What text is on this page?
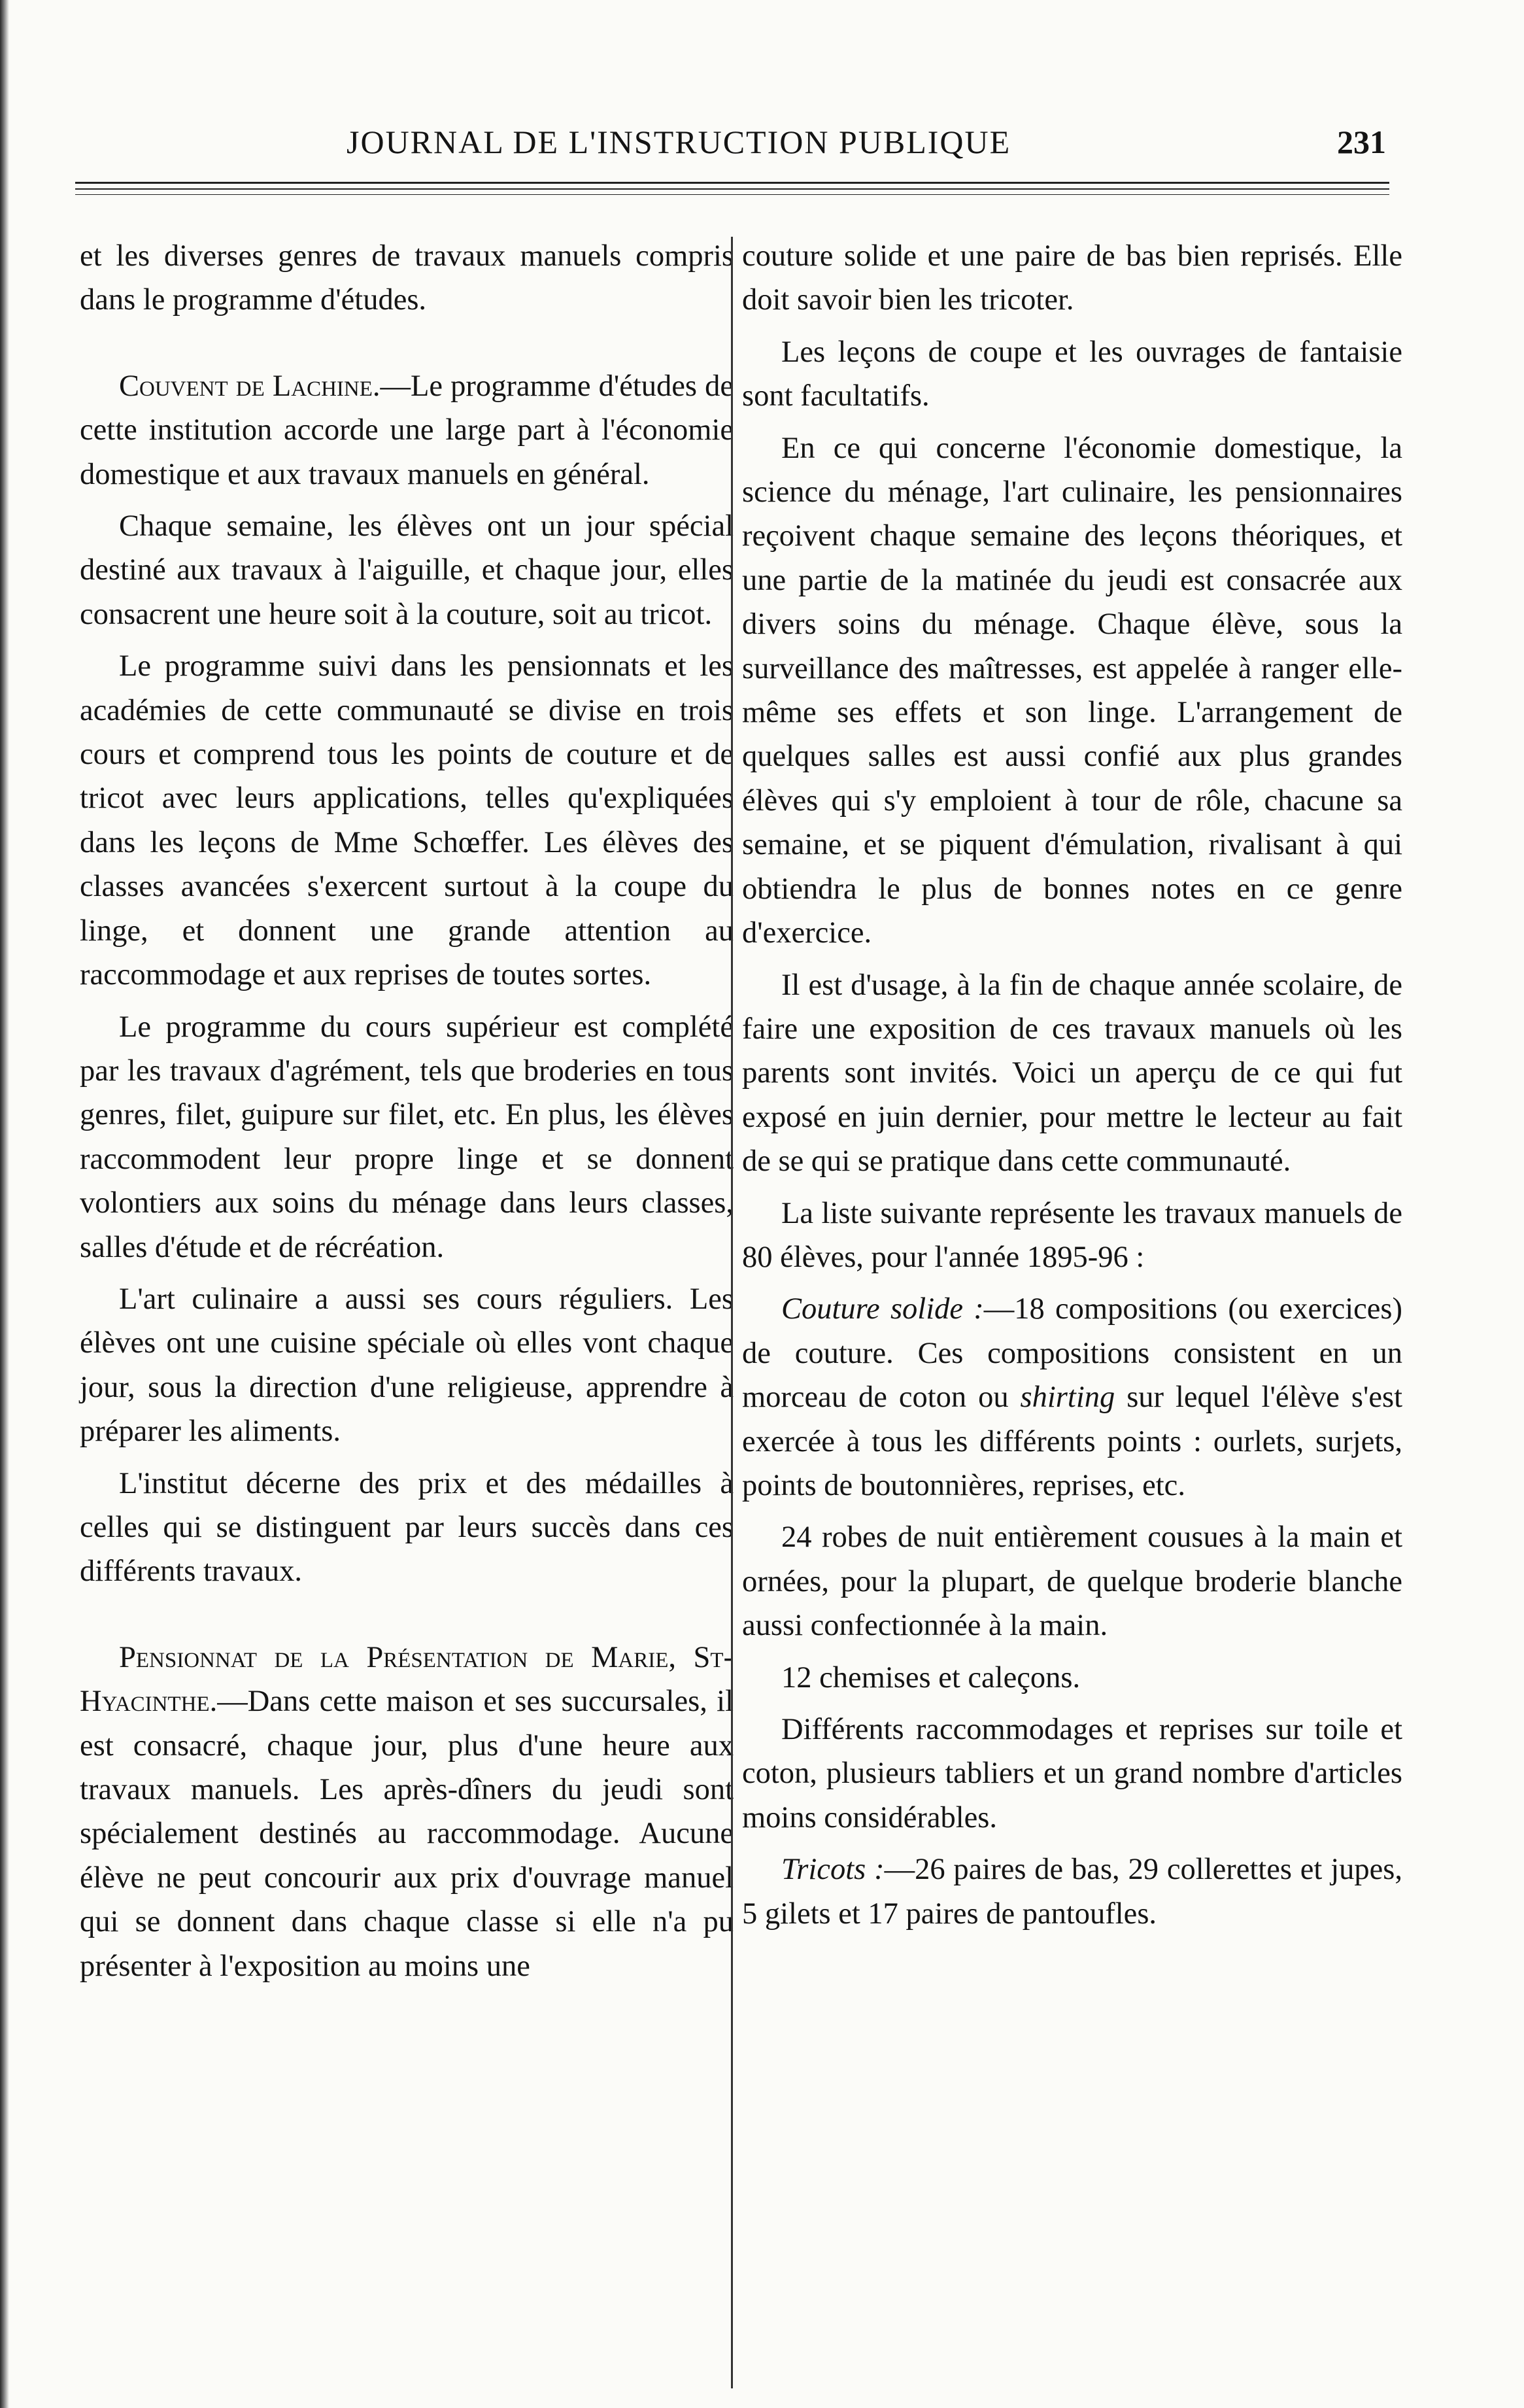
JOURNAL DE L'INSTRUCTION PUBLIQUE	231

et les diverses genres de travaux manuels compris dans le programme d'études.

Couvent de Lachine.—Le programme d'études de cette institution accorde une large part à l'économie domestique et aux travaux manuels en général.

Chaque semaine, les élèves ont un jour spécial destiné aux travaux à l'aiguille, et chaque jour, elles consacrent une heure soit à la couture, soit au tricot.

Le programme suivi dans les pensionnats et les académies de cette communauté se divise en trois cours et comprend tous les points de couture et de tricot avec leurs applications, telles qu'expliquées dans les leçons de Mme Schœffer. Les élèves des classes avancées s'exercent surtout à la coupe du linge, et donnent une grande attention au raccommodage et aux reprises de toutes sortes.

Le programme du cours supérieur est complété par les travaux d'agrément, tels que broderies en tous genres, filet, guipure sur filet, etc. En plus, les élèves raccommodent leur propre linge et se donnent volontiers aux soins du ménage dans leurs classes, salles d'étude et de récréation.

L'art culinaire a aussi ses cours réguliers. Les élèves ont une cuisine spéciale où elles vont chaque jour, sous la direction d'une religieuse, apprendre à préparer les aliments.

L'institut décerne des prix et des médailles à celles qui se distinguent par leurs succès dans ces différents travaux.

Pensionnat de la Présentation de Marie, St-Hyacinthe.—Dans cette maison et ses succursales, il est consacré, chaque jour, plus d'une heure aux travaux manuels. Les après-dîners du jeudi sont spécialement destinés au raccommodage. Aucune élève ne peut concourir aux prix d'ouvrage manuel qui se donnent dans chaque classe si elle n'a pu présenter à l'exposition au moins une

couture solide et une paire de bas bien reprisés. Elle doit savoir bien les tricoter.

Les leçons de coupe et les ouvrages de fantaisie sont facultatifs.

En ce qui concerne l'économie domestique, la science du ménage, l'art culinaire, les pensionnaires reçoivent chaque semaine des leçons théoriques, et une partie de la matinée du jeudi est consacrée aux divers soins du ménage. Chaque élève, sous la surveillance des maîtresses, est appelée à ranger elle-même ses effets et son linge. L'arrangement de quelques salles est aussi confié aux plus grandes élèves qui s'y emploient à tour de rôle, chacune sa semaine, et se piquent d'émulation, rivalisant à qui obtiendra le plus de bonnes notes en ce genre d'exercice.

Il est d'usage, à la fin de chaque année scolaire, de faire une exposition de ces travaux manuels où les parents sont invités. Voici un aperçu de ce qui fut exposé en juin dernier, pour mettre le lecteur au fait de se qui se pratique dans cette communauté.

La liste suivante représente les travaux manuels de 80 élèves, pour l'année 1895-96 :

Couture solide :—18 compositions (ou exercices) de couture. Ces compositions consistent en un morceau de coton ou shirting sur lequel l'élève s'est exercée à tous les différents points : ourlets, surjets, points de boutonnières, reprises, etc.

24 robes de nuit entièrement cousues à la main et ornées, pour la plupart, de quelque broderie blanche aussi confectionnée à la main.

12 chemises et caleçons.

Différents raccommodages et reprises sur toile et coton, plusieurs tabliers et un grand nombre d'articles moins considérables.

Tricots :—26 paires de bas, 29 collerettes et jupes, 5 gilets et 17 paires de pantoufles.
